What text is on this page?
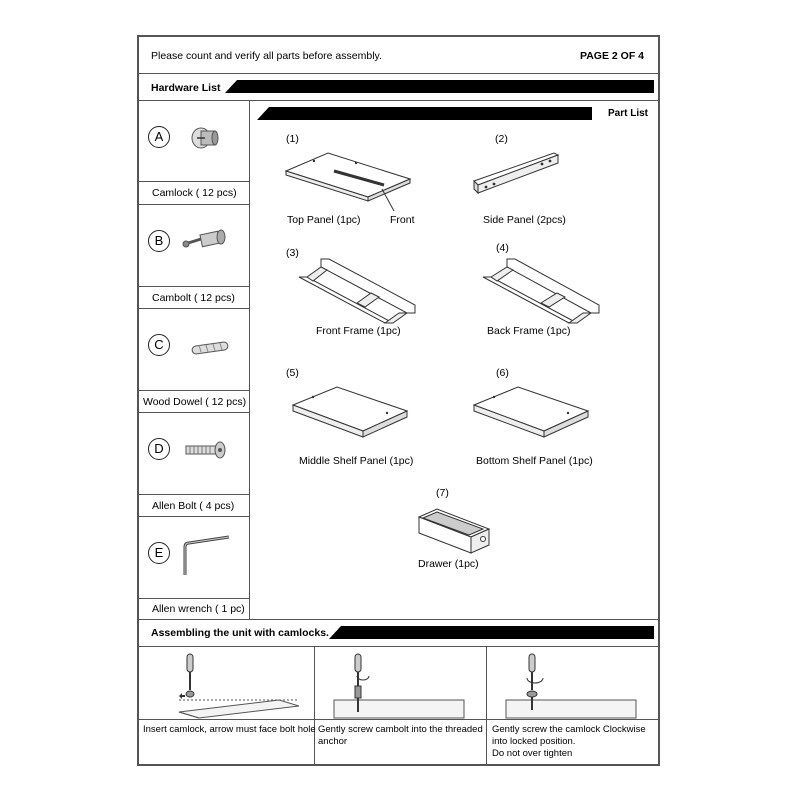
Please count and verify all parts before assembly.	PAGE 2 OF 4
Hardware List
A
Camlock ( 12 pcs)
B
Cambolt ( 12 pcs)
C
Wood Dowel ( 12 pcs)
D
Allen Bolt ( 4 pcs)
E
Allen wrench ( 1 pc)
Part List
(1)
Top Panel (1pc)	Front
(2)
Side Panel (2pcs)
(3)
Front Frame (1pc)
(4)
Back Frame (1pc)
(5)
Middle Shelf Panel (1pc)
(6)
Bottom Shelf Panel (1pc)
(7)
Drawer (1pc)
Assembling the unit with camlocks.
Insert camlock, arrow must face bolt hole Gently screw cambolt into the threaded
anchor
Gently screw the camlock Clockwise
into locked position.
Do not over tighten
